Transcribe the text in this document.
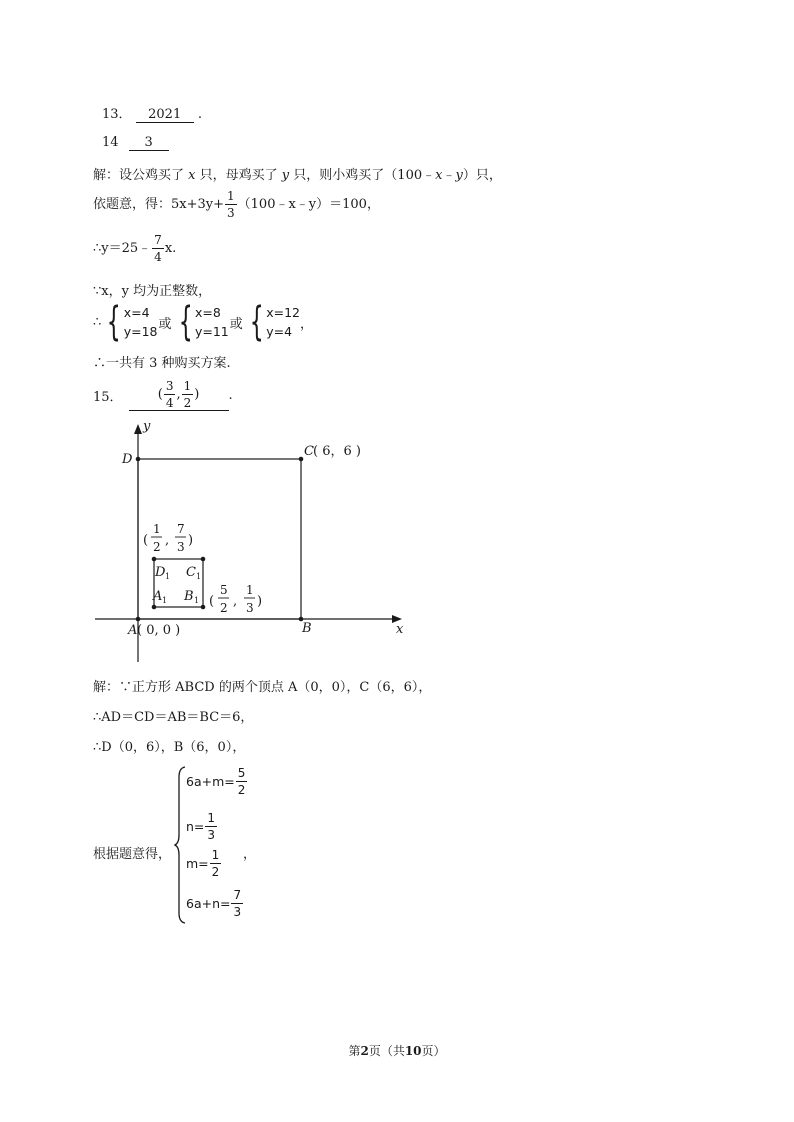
13． 2021 .
14 3
解：设公鸡买了 x 只，母鸡买了 y 只，则小鸡买了（100﹣x﹣y）只，
依题意，得：$5x+3y+ \frac{1}{3}$ （100﹣x﹣y）＝100，
∴y＝25﹣ $\frac{7}{4} x$.
∵x，y 均为正整数，
∴ { x=4
y=18 或 { x=8
y=11 或 { x=12
y=4 ，
∴一共有 3 种购买方案.
15．	( $\frac{3}{4}$ , $\frac{1}{2}$ )	.
y
x
D
C ( 6，6 )
A ( 0, 0 )	B
D 1 C 1
A 1 B 1
(
1
2 ,
7
3 )
(
5
2 ,
1
3 )
解：∵正方形 ABCD 的两个顶点 A（0，0），C（6，6），
∴AD＝CD＝AB＝BC＝6，
∴D（0，6），B（6，0），
根据题意得，
$6a+m= \frac{5}{2}$
$n= \frac{1}{3}$
$m= \frac{1}{2}$
$6a+n= \frac{7}{3}$
，
第2页（共10页）
